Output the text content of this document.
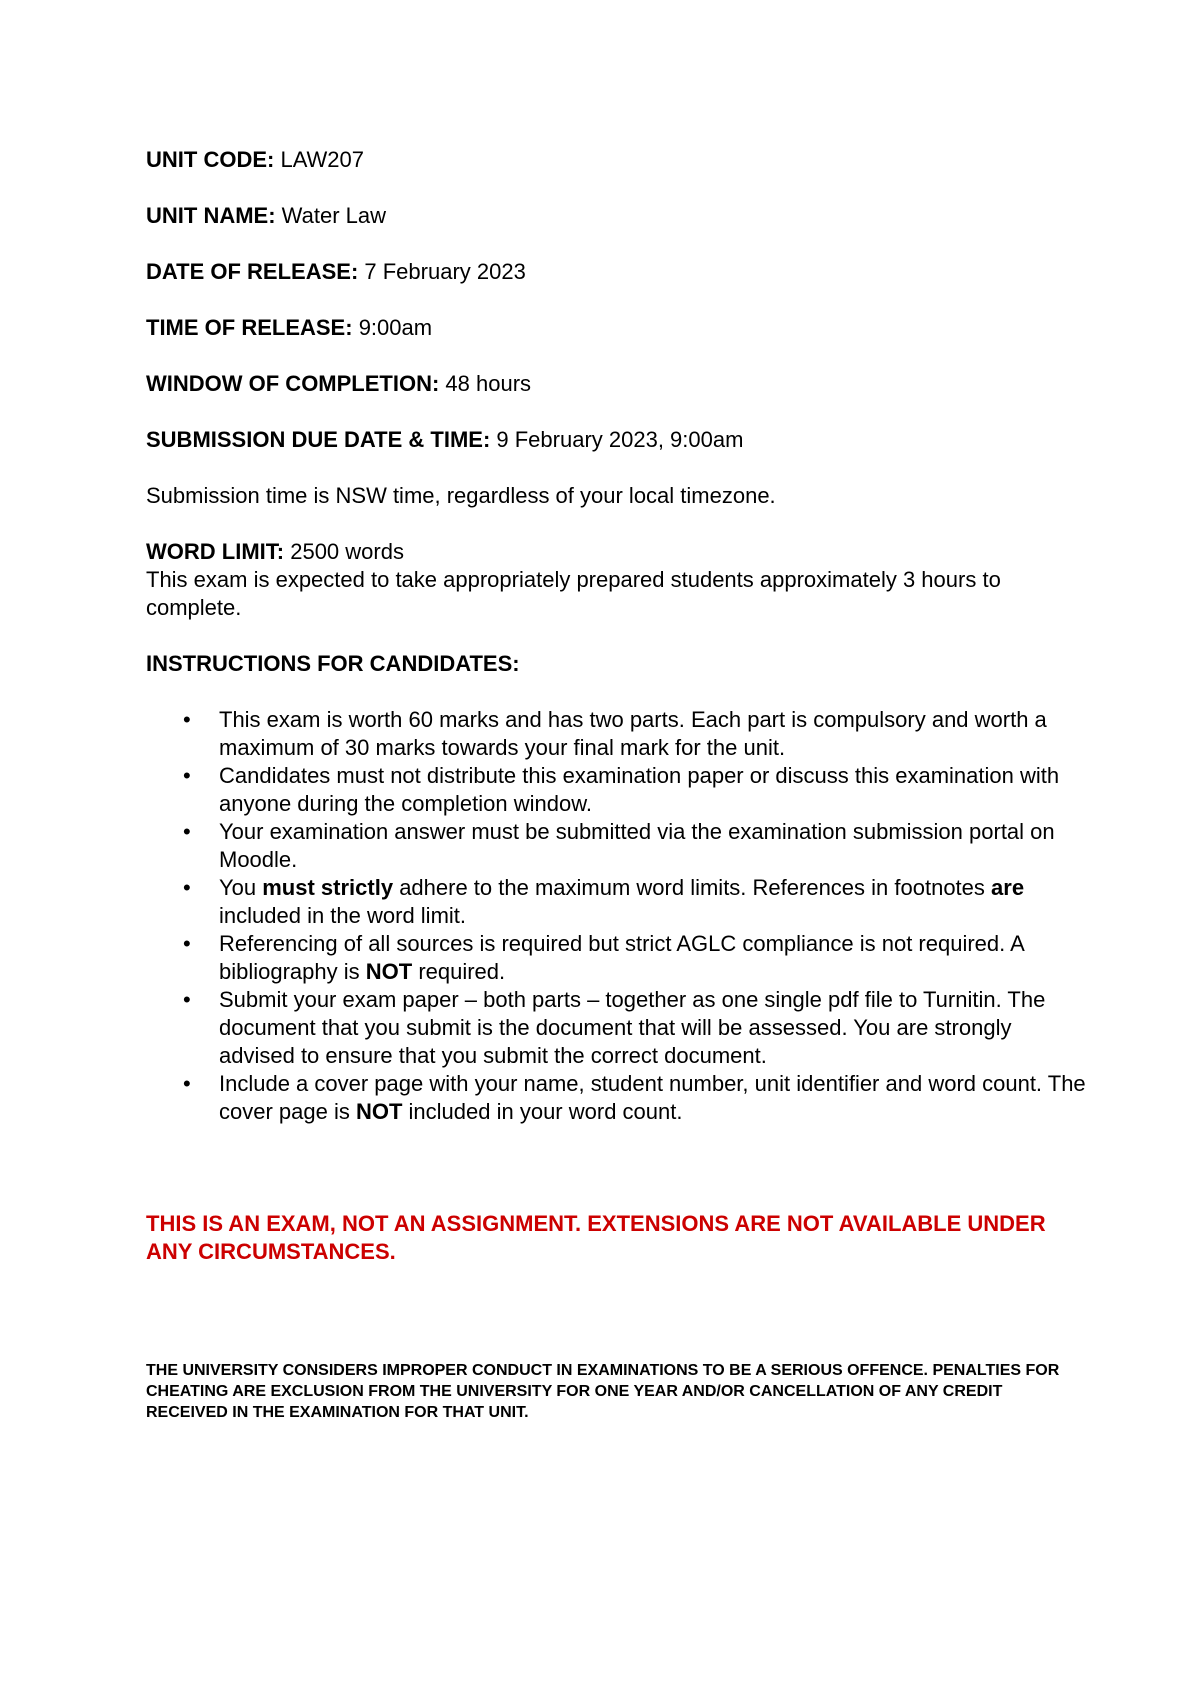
UNIT CODE: LAW207

UNIT NAME: Water Law

DATE OF RELEASE: 7 February 2023

TIME OF RELEASE: 9:00am

WINDOW OF COMPLETION: 48 hours

SUBMISSION DUE DATE & TIME: 9 February 2023, 9:00am

Submission time is NSW time, regardless of your local timezone.

WORD LIMIT: 2500 words

This exam is expected to take appropriately prepared students approximately 3 hours to complete.

INSTRUCTIONS FOR CANDIDATES:

• This exam is worth 60 marks and has two parts. Each part is compulsory and worth a maximum of 30 marks towards your final mark for the unit.
• Candidates must not distribute this examination paper or discuss this examination with anyone during the completion window.
• Your examination answer must be submitted via the examination submission portal on Moodle.
• You must strictly adhere to the maximum word limits. References in footnotes are included in the word limit.
• Referencing of all sources is required but strict AGLC compliance is not required. A bibliography is NOT required.
• Submit your exam paper – both parts – together as one single pdf file to Turnitin. The document that you submit is the document that will be assessed. You are strongly advised to ensure that you submit the correct document.
• Include a cover page with your name, student number, unit identifier and word count. The cover page is NOT included in your word count.

THIS IS AN EXAM, NOT AN ASSIGNMENT. EXTENSIONS ARE NOT AVAILABLE UNDER ANY CIRCUMSTANCES.

THE UNIVERSITY CONSIDERS IMPROPER CONDUCT IN EXAMINATIONS TO BE A SERIOUS OFFENCE. PENALTIES FOR CHEATING ARE EXCLUSION FROM THE UNIVERSITY FOR ONE YEAR AND/OR CANCELLATION OF ANY CREDIT RECEIVED IN THE EXAMINATION FOR THAT UNIT.
